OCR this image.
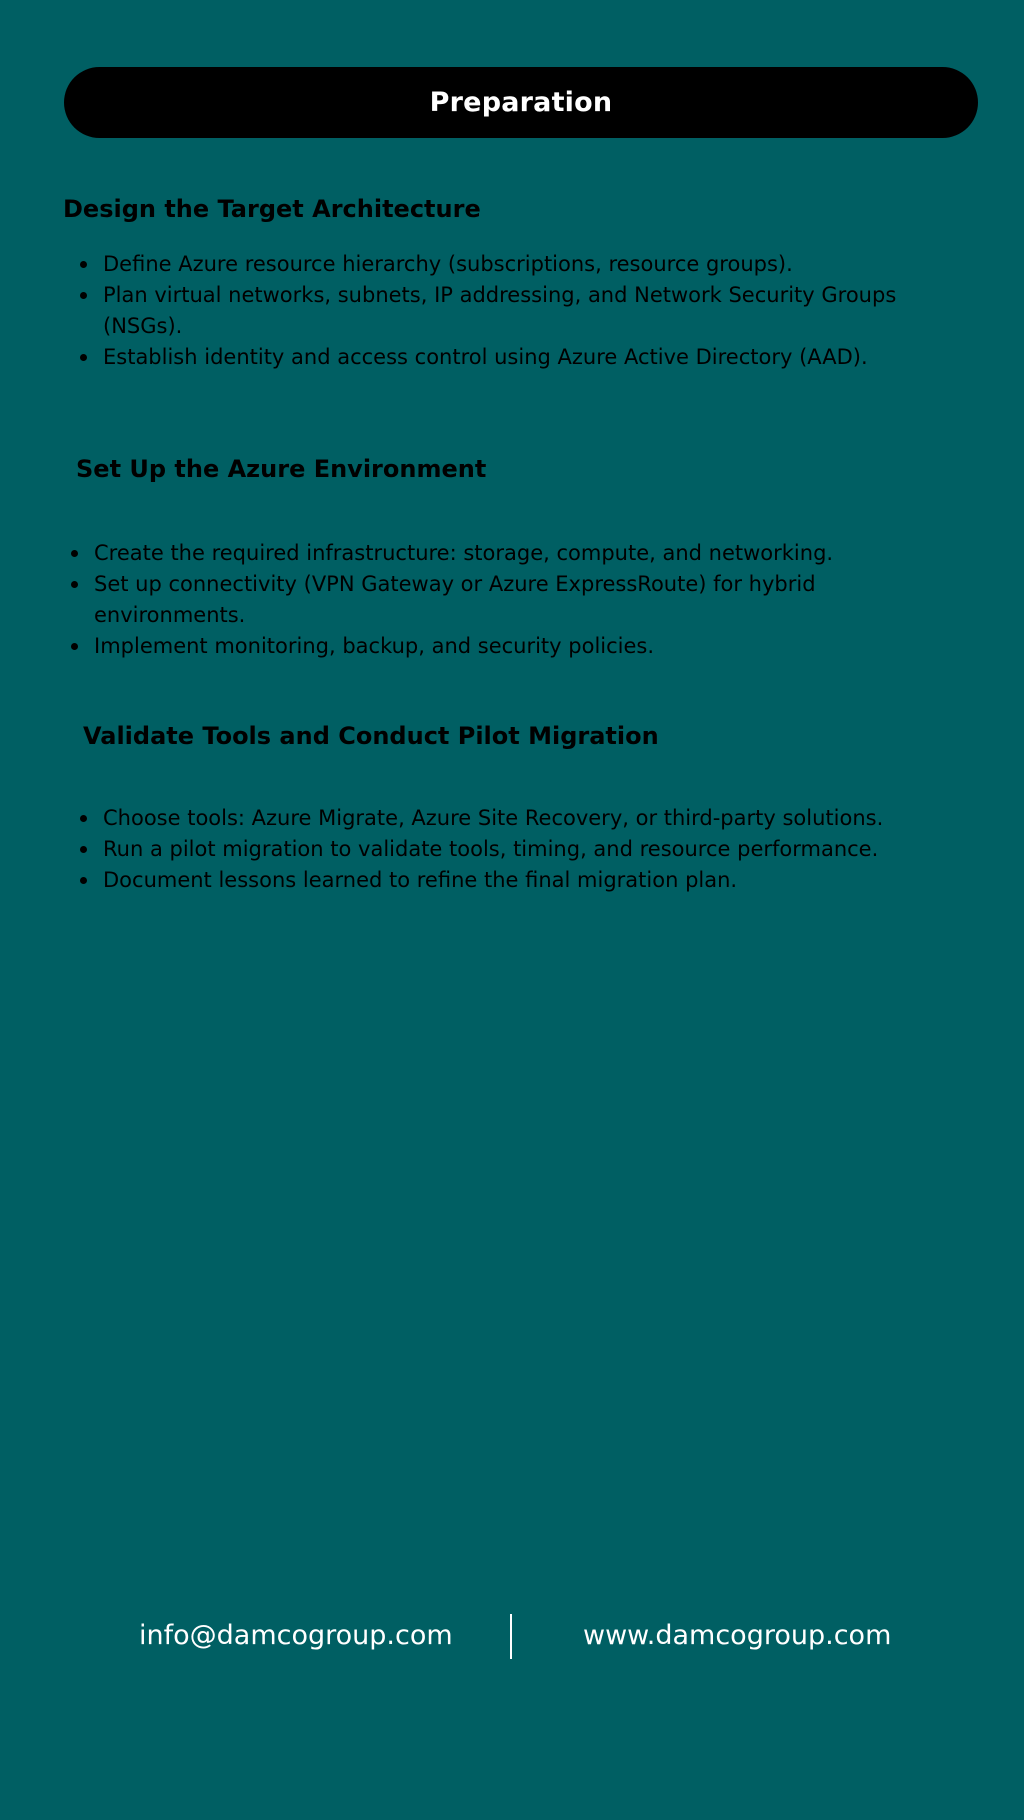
Preparation
Design the Target Architecture
Define Azure resource hierarchy (subscriptions, resource groups).
Plan virtual networks, subnets, IP addressing, and Network Security Groups (NSGs).
Establish identity and access control using Azure Active Directory (AAD).
Set Up the Azure Environment
Create the required infrastructure: storage, compute, and networking.
Set up connectivity (VPN Gateway or Azure ExpressRoute) for hybrid environments.
Implement monitoring, backup, and security policies.
Validate Tools and Conduct Pilot Migration
Choose tools: Azure Migrate, Azure Site Recovery, or third-party solutions.
Run a pilot migration to validate tools, timing, and resource performance.
Document lessons learned to refine the final migration plan.
info@damcogroup.com	www.damcogroup.com
